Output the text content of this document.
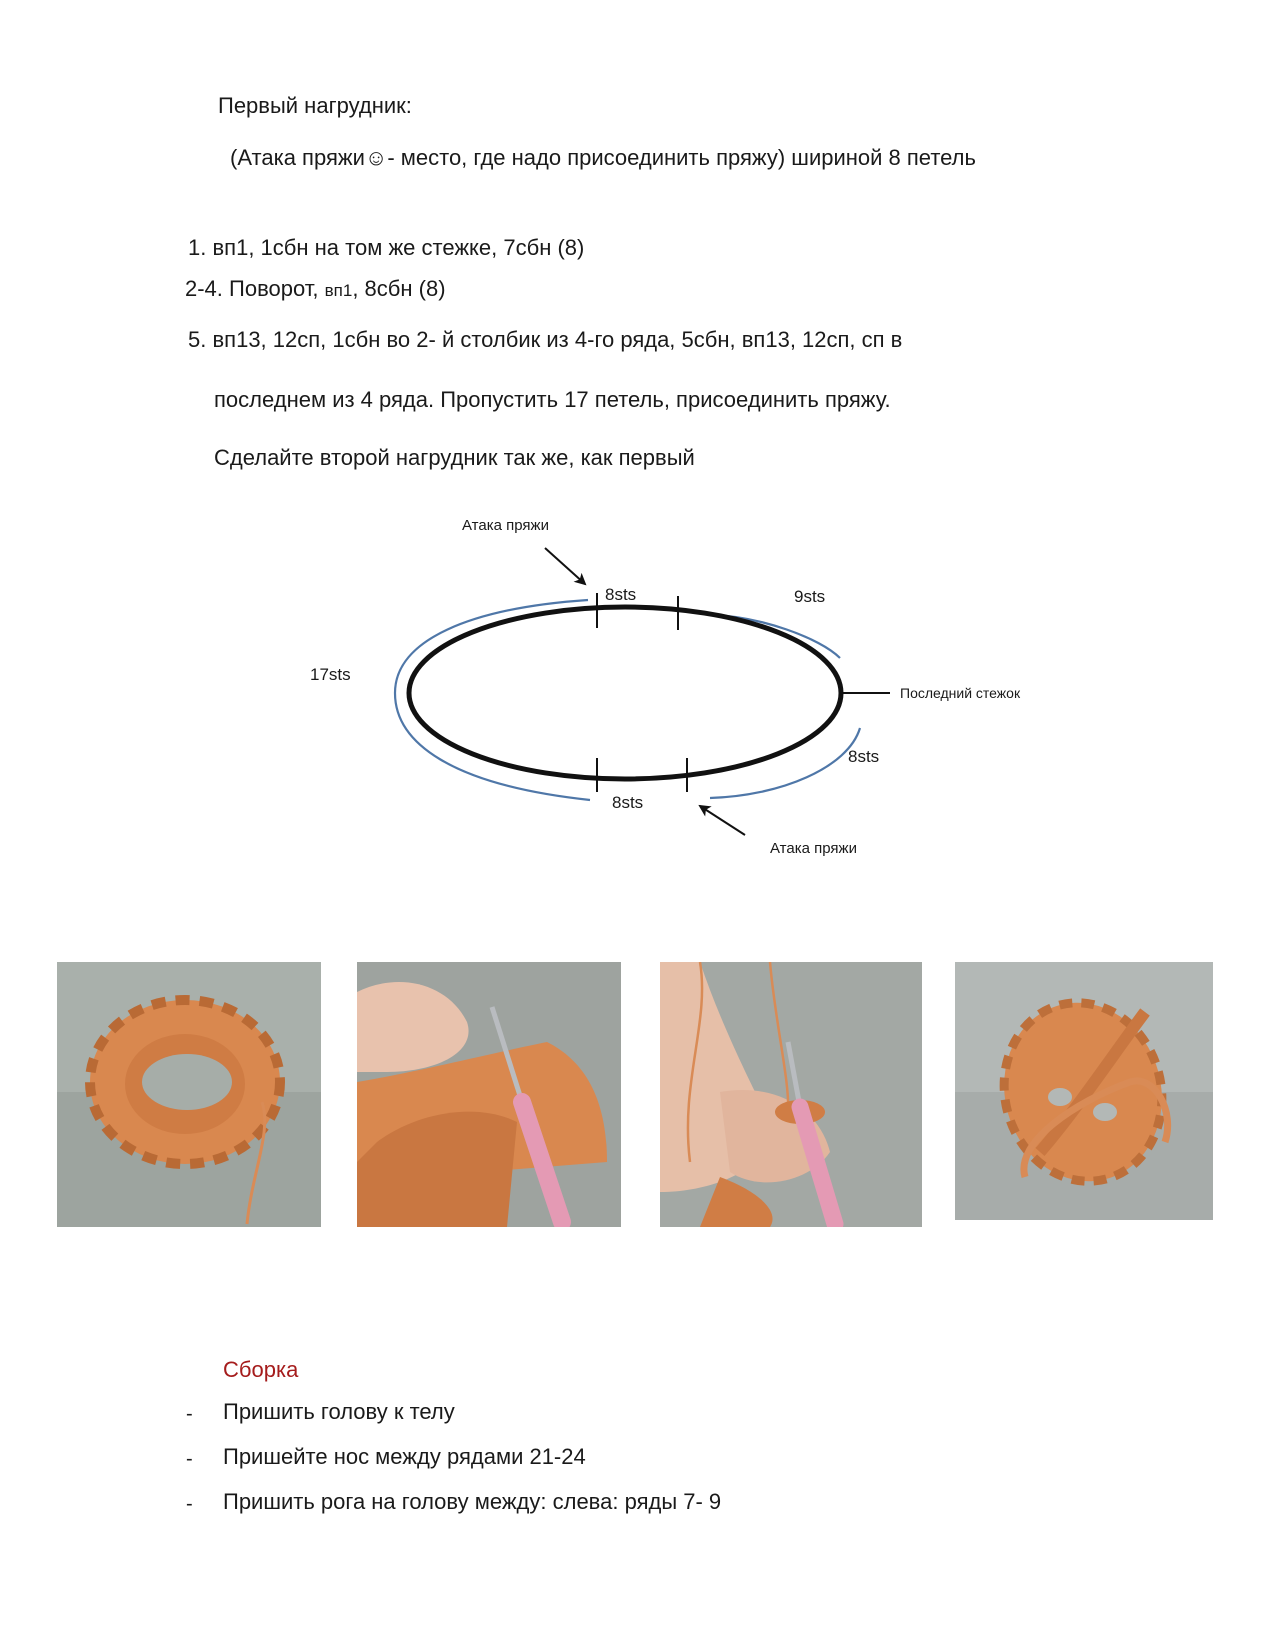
Первый нагрудник:
(Атака пряжи☺- место, где надо присоединить пряжу) шириной 8 петель
1. вп1, 1сбн на том же стежке, 7сбн (8)
2-4. Поворот, вп1, 8сбн (8)
5. вп13, 12сп, 1сбн во 2- й столбик из 4-го ряда, 5сбн, вп13, 12сп, сп в
последнем из 4 ряда. Пропустить 17 петель, присоединить пряжу.
Сделайте второй нагрудник так же, как первый
Атака пряжи
8sts	9sts
17sts
Последний стежок
8sts
8sts
Атака пряжи
Сборка
- Пришить голову к телу
- Пришейте нос между рядами 21-24
- Пришить рога на голову между: слева: ряды 7- 9
